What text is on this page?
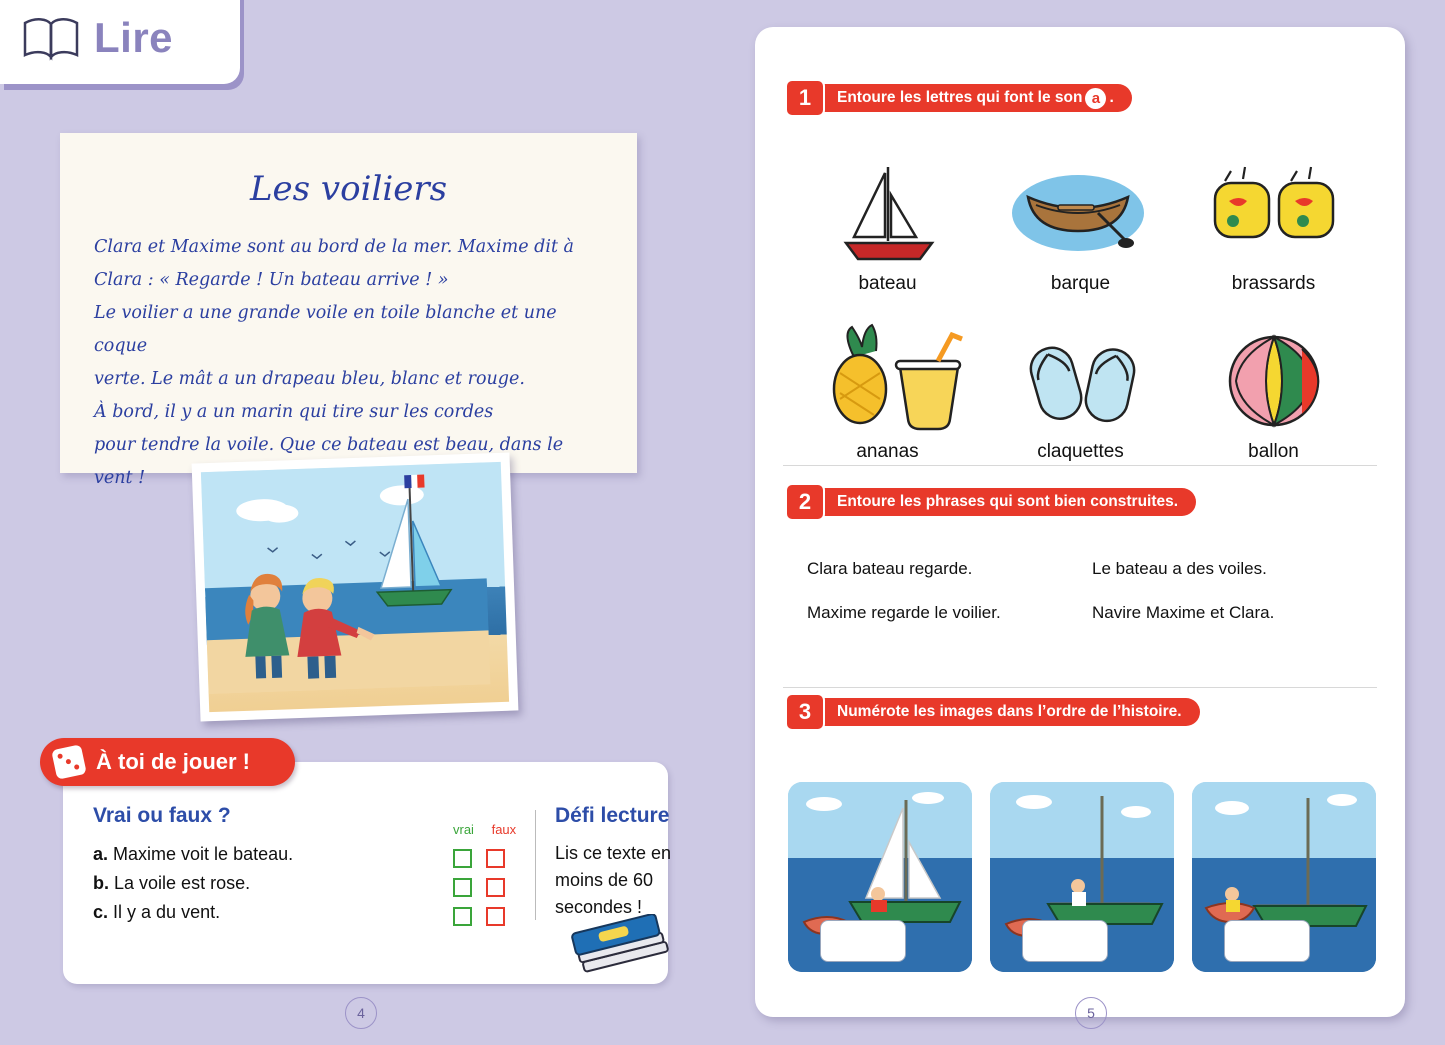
Lire
Les voiliers
Clara et Maxime sont au bord de la mer. Maxime dit à
Clara : « Regarde ! Un bateau arrive ! »
Le voilier a une grande voile en toile blanche et une coque
verte. Le mât a un drapeau bleu, blanc et rouge.
À bord, il y a un marin qui tire sur les cordes
pour tendre la voile. Que ce bateau est beau, dans le vent !
À toi de jouer !
Vrai ou faux ?
a. Maxime voit le bateau.
b. La voile est rose.
c. Il y a du vent.
vrai faux
Défi lecture

Lis ce texte en moins de 60 secondes !

4
1	Entoure les lettres qui font le son a .
bateau	barque	brassards
ananas	claquettes	ballon
2	Entoure les phrases qui sont bien construites.
Clara bateau regarde.	Le bateau a des voiles.
Maxime regarde le voilier.	Navire Maxime et Clara.
3	Numérote les images dans l’ordre de l’histoire.
5
